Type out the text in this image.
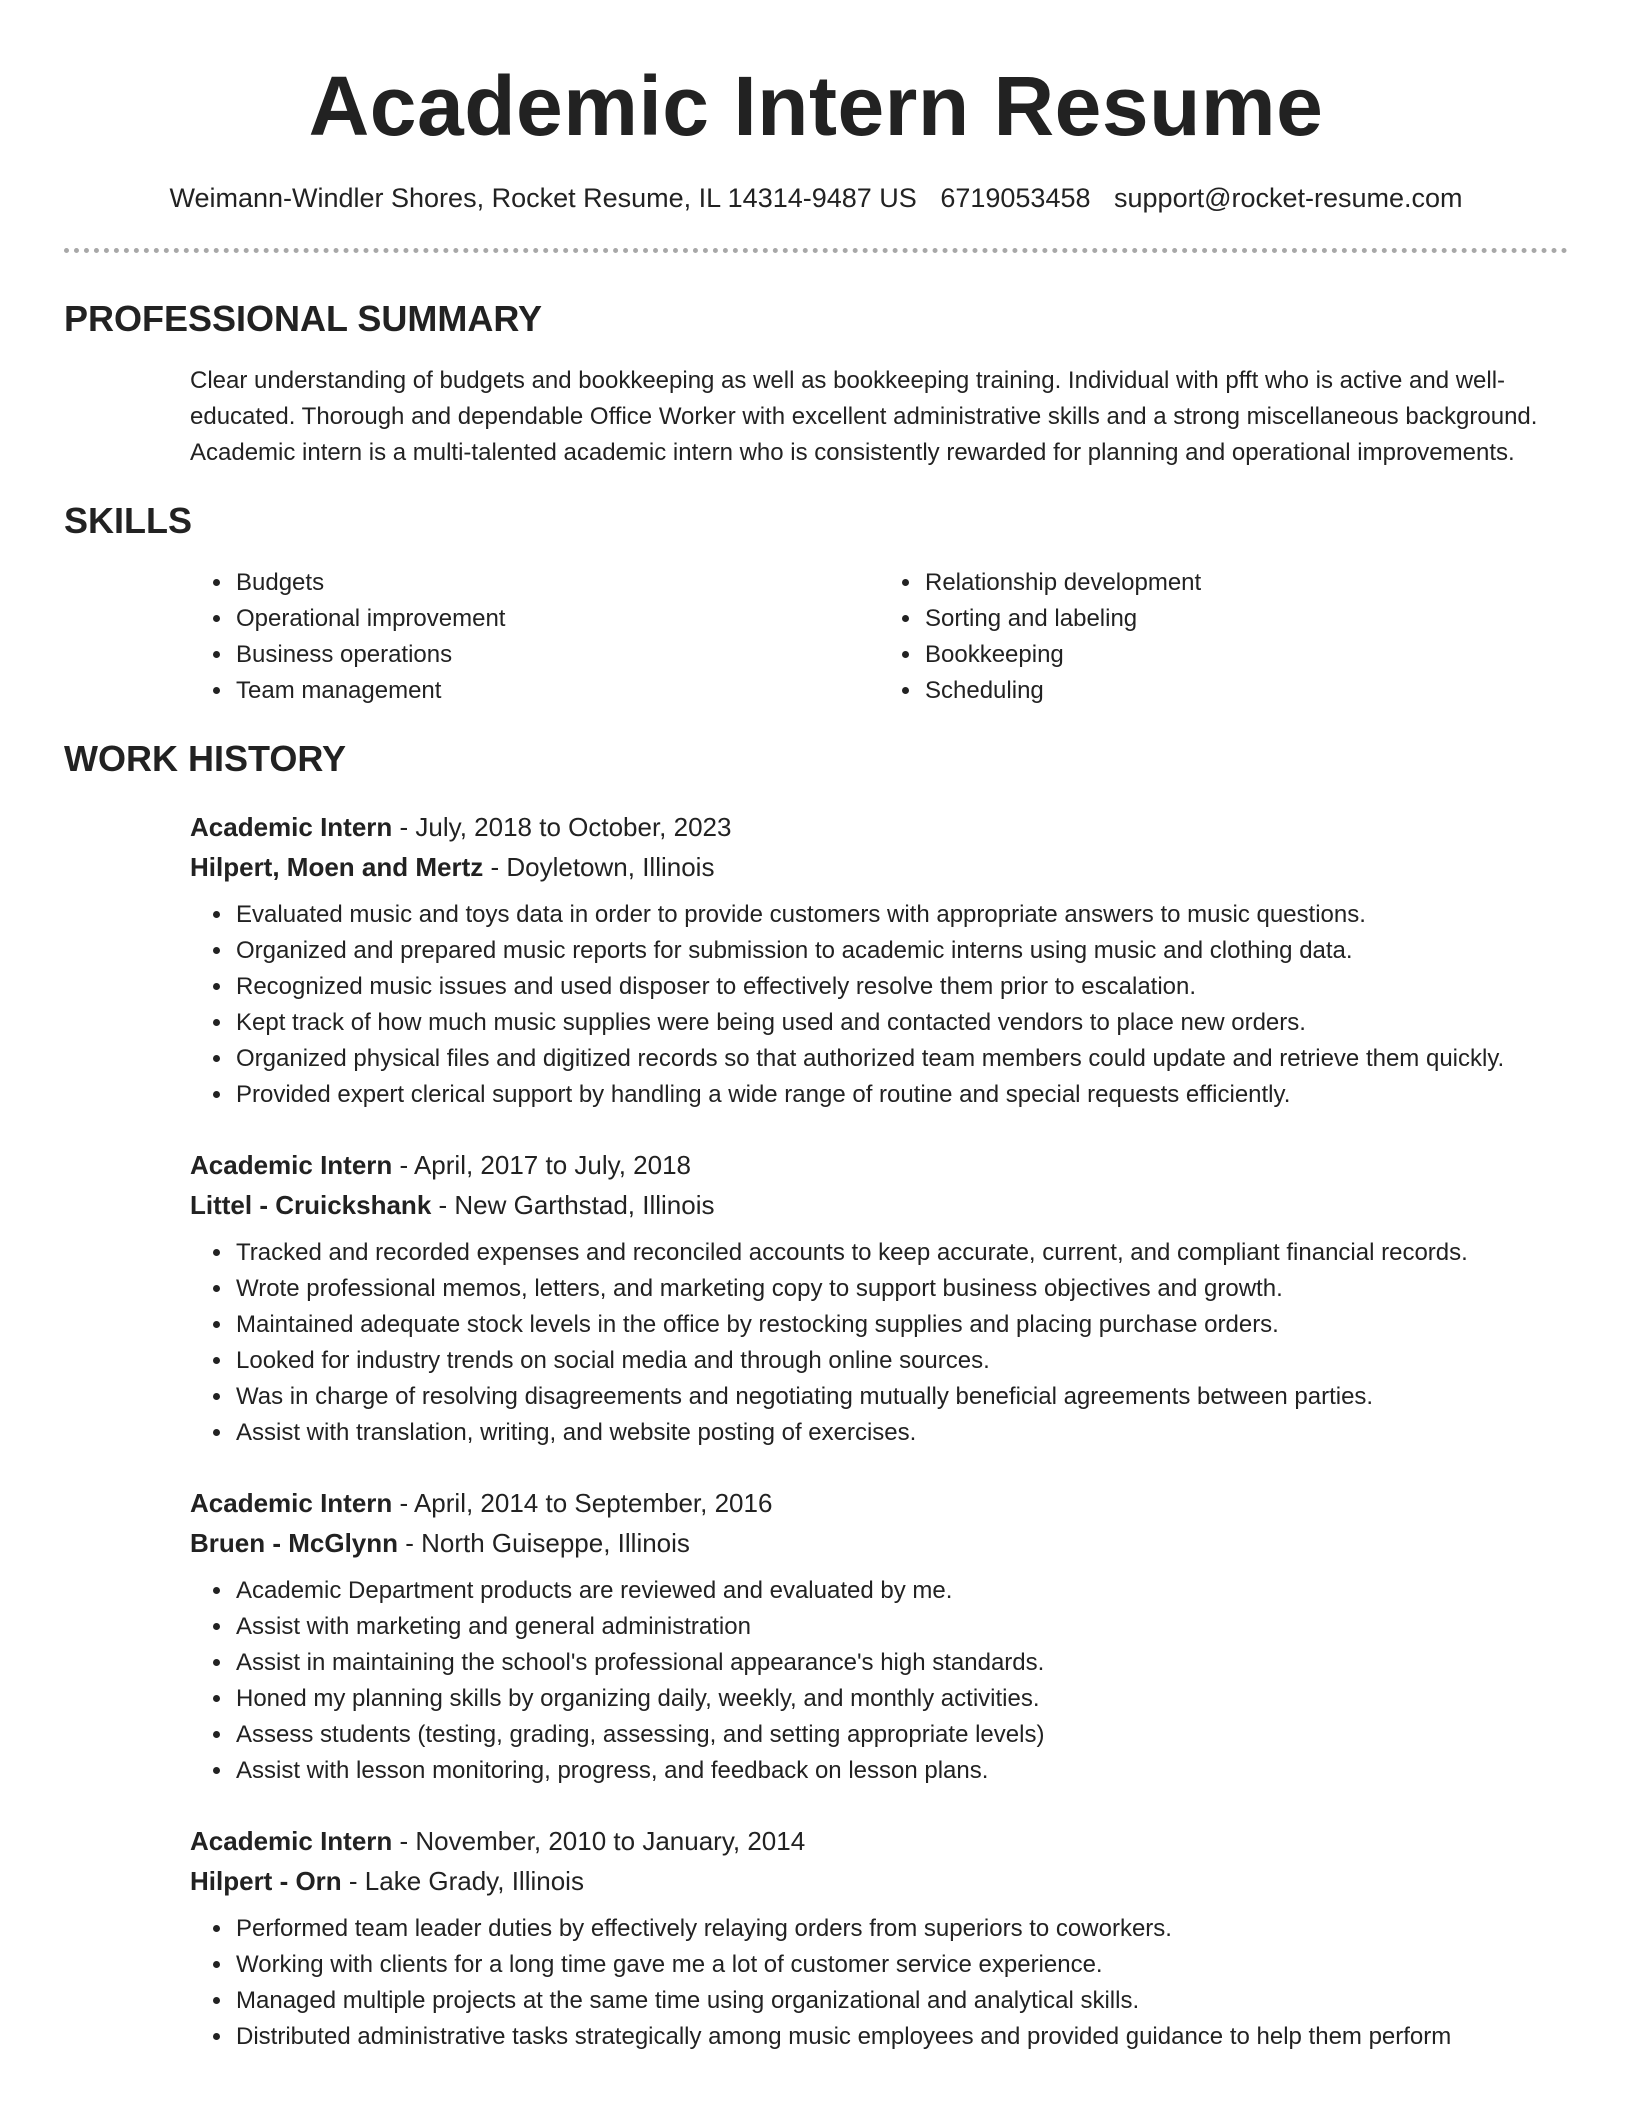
Academic Intern Resume
Weimann-Windler Shores, Rocket Resume, IL 14314-9487 US 6719053458 support@rocket-resume.com
PROFESSIONAL SUMMARY
Clear understanding of budgets and bookkeeping as well as bookkeeping training. Individual with pfft who is active and well-educated. Thorough and dependable Office Worker with excellent administrative skills and a strong miscellaneous background. Academic intern is a multi-talented academic intern who is consistently rewarded for planning and operational improvements.
SKILLS
• Budgets
• Operational improvement
• Business operations
• Team management
• Relationship development
• Sorting and labeling
• Bookkeeping
• Scheduling
WORK HISTORY
Academic Intern - July, 2018 to October, 2023
Hilpert, Moen and Mertz - Doyletown, Illinois
• Evaluated music and toys data in order to provide customers with appropriate answers to music questions.
• Organized and prepared music reports for submission to academic interns using music and clothing data.
• Recognized music issues and used disposer to effectively resolve them prior to escalation.
• Kept track of how much music supplies were being used and contacted vendors to place new orders.
• Organized physical files and digitized records so that authorized team members could update and retrieve them quickly.
• Provided expert clerical support by handling a wide range of routine and special requests efficiently.
Academic Intern - April, 2017 to July, 2018
Littel - Cruickshank - New Garthstad, Illinois
• Tracked and recorded expenses and reconciled accounts to keep accurate, current, and compliant financial records.
• Wrote professional memos, letters, and marketing copy to support business objectives and growth.
• Maintained adequate stock levels in the office by restocking supplies and placing purchase orders.
• Looked for industry trends on social media and through online sources.
• Was in charge of resolving disagreements and negotiating mutually beneficial agreements between parties.
• Assist with translation, writing, and website posting of exercises.
Academic Intern - April, 2014 to September, 2016
Bruen - McGlynn - North Guiseppe, Illinois
• Academic Department products are reviewed and evaluated by me.
• Assist with marketing and general administration
• Assist in maintaining the school's professional appearance's high standards.
• Honed my planning skills by organizing daily, weekly, and monthly activities.
• Assess students (testing, grading, assessing, and setting appropriate levels)
• Assist with lesson monitoring, progress, and feedback on lesson plans.
Academic Intern - November, 2010 to January, 2014
Hilpert - Orn - Lake Grady, Illinois
• Performed team leader duties by effectively relaying orders from superiors to coworkers.
• Working with clients for a long time gave me a lot of customer service experience.
• Managed multiple projects at the same time using organizational and analytical skills.
• Distributed administrative tasks strategically among music employees and provided guidance to help them perform
